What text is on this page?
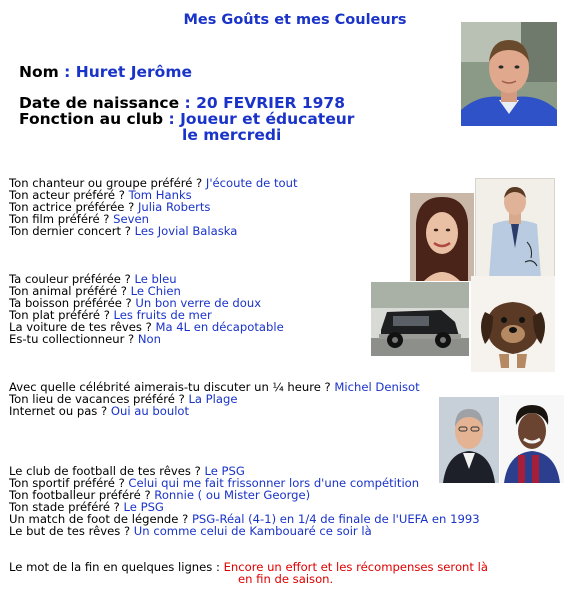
Mes Goûts et mes Couleurs
Nom : Huret Jerôme
Date de naissance : 20 FEVRIER 1978
Fonction au club : Joueur et éducateur
le mercredi
Ton chanteur ou groupe préféré ? J'écoute de tout
Ton acteur préféré ? Tom Hanks
Ton actrice préférée ? Julia Roberts
Ton film préféré ? Seven
Ton dernier concert ? Les Jovial Balaska
Ta couleur préférée ? Le bleu
Ton animal préféré ? Le Chien
Ta boisson préférée ? Un bon verre de doux
Ton plat préféré ? Les fruits de mer
La voiture de tes rêves ? Ma 4L en décapotable
Es-tu collectionneur ? Non
Avec quelle célébrité aimerais-tu discuter un ¼ heure ? Michel Denisot
Ton lieu de vacances préféré ? La Plage
Internet ou pas ? Oui au boulot
Le club de football de tes rêves ? Le PSG
Ton sportif préféré ? Celui qui me fait frissonner lors d'une compétition
Ton footballeur préféré ? Ronnie ( ou Mister George)
Ton stade préféré ? Le PSG
Un match de foot de légende ? PSG-Réal (4-1) en 1/4 de finale de l'UEFA en 1993
Le but de tes rêves ? Un comme celui de Kambouaré ce soir là
Le mot de la fin en quelques lignes : Encore un effort et les récompenses seront là
en fin de saison.
